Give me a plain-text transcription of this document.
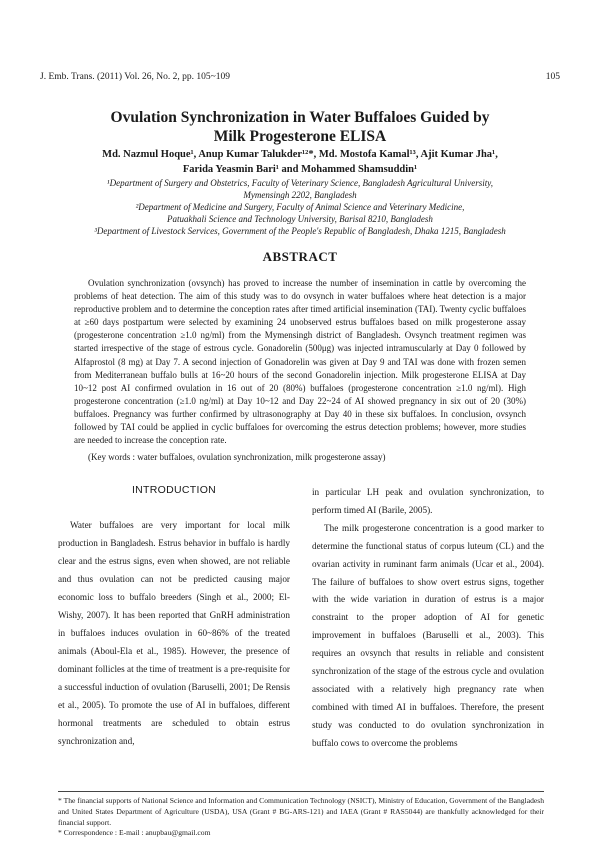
J. Emb. Trans. (2011) Vol. 26, No. 2, pp. 105~109	105
Ovulation Synchronization in Water Buffaloes Guided by
Milk Progesterone ELISA
Md. Nazmul Hoque¹, Anup Kumar Talukder¹²*, Md. Mostofa Kamal¹³, Ajit Kumar Jha¹,
Farida Yeasmin Bari¹ and Mohammed Shamsuddin¹
¹Department of Surgery and Obstetrics, Faculty of Veterinary Science, Bangladesh Agricultural University,
Mymensingh 2202, Bangladesh
²Department of Medicine and Surgery, Faculty of Animal Science and Veterinary Medicine,
Patuakhali Science and Technology University, Barisal 8210, Bangladesh
³Department of Livestock Services, Government of the People's Republic of Bangladesh, Dhaka 1215, Bangladesh
ABSTRACT

Ovulation synchronization (ovsynch) has proved to increase the number of insemination in cattle by overcoming the problems of heat detection. The aim of this study was to do ovsynch in water buffaloes where heat detection is a major reproductive problem and to determine the conception rates after timed artificial insemination (TAI). Twenty cyclic buffaloes at ≥60 days postpartum were selected by examining 24 unobserved estrus buffaloes based on milk progesterone assay (progesterone concentration ≥1.0 ng/ml) from the Mymensingh district of Bangladesh. Ovsynch treatment regimen was started irrespective of the stage of estrous cycle. Gonadorelin (500μg) was injected intramuscularly at Day 0 followed by Alfaprostol (8 mg) at Day 7. A second injection of Gonadorelin was given at Day 9 and TAI was done with frozen semen from Mediterranean buffalo bulls at 16~20 hours of the second Gonadorelin injection. Milk progesterone ELISA at Day 10~12 post AI confirmed ovulation in 16 out of 20 (80%) buffaloes (progesterone concentration ≥1.0 ng/ml). High progesterone concentration (≥1.0 ng/ml) at Day 10~12 and Day 22~24 of AI showed pregnancy in six out of 20 (30%) buffaloes. Pregnancy was further confirmed by ultrasonography at Day 40 in these six buffaloes. In conclusion, ovsynch followed by TAI could be applied in cyclic buffaloes for overcoming the estrus detection problems; however, more studies are needed to increase the conception rate.

(Key words : water buffaloes, ovulation synchronization, milk progesterone assay)
INTRODUCTION

Water buffaloes are very important for local milk production in Bangladesh. Estrus behavior in buffalo is hardly clear and the estrus signs, even when showed, are not reliable and thus ovulation can not be predicted causing major economic loss to buffalo breeders (Singh et al., 2000; El-Wishy, 2007). It has been reported that GnRH administration in buffaloes induces ovulation in 60~86% of the treated animals (Aboul-Ela et al., 1985). However, the presence of dominant follicles at the time of treatment is a pre-requisite for a successful induction of ovulation (Baruselli, 2001; De Rensis et al., 2005). To promote the use of AI in buffaloes, different hormonal treatments are scheduled to obtain estrus synchronization and,

in particular LH peak and ovulation synchronization, to perform timed AI (Barile, 2005).

The milk progesterone concentration is a good marker to determine the functional status of corpus luteum (CL) and the ovarian activity in ruminant farm animals (Ucar et al., 2004). The failure of buffaloes to show overt estrus signs, together with the wide variation in duration of estrus is a major constraint to the proper adoption of AI for genetic improvement in buffaloes (Baruselli et al., 2003). This requires an ovsynch that results in reliable and consistent synchronization of the stage of the estrous cycle and ovulation associated with a relatively high pregnancy rate when combined with timed AI in buffaloes. Therefore, the present study was conducted to do ovulation synchronization in buffalo cows to overcome the problems

* The financial supports of National Science and Information and Communication Technology (NSICT), Ministry of Education, Government of the Bangladesh and United States Department of Agriculture (USDA), USA (Grant # BG-ARS-121) and IAEA (Grant # RAS5044) are thankfully acknowledged for their financial support.

* Correspondence : E-mail : anupbau@gmail.com
